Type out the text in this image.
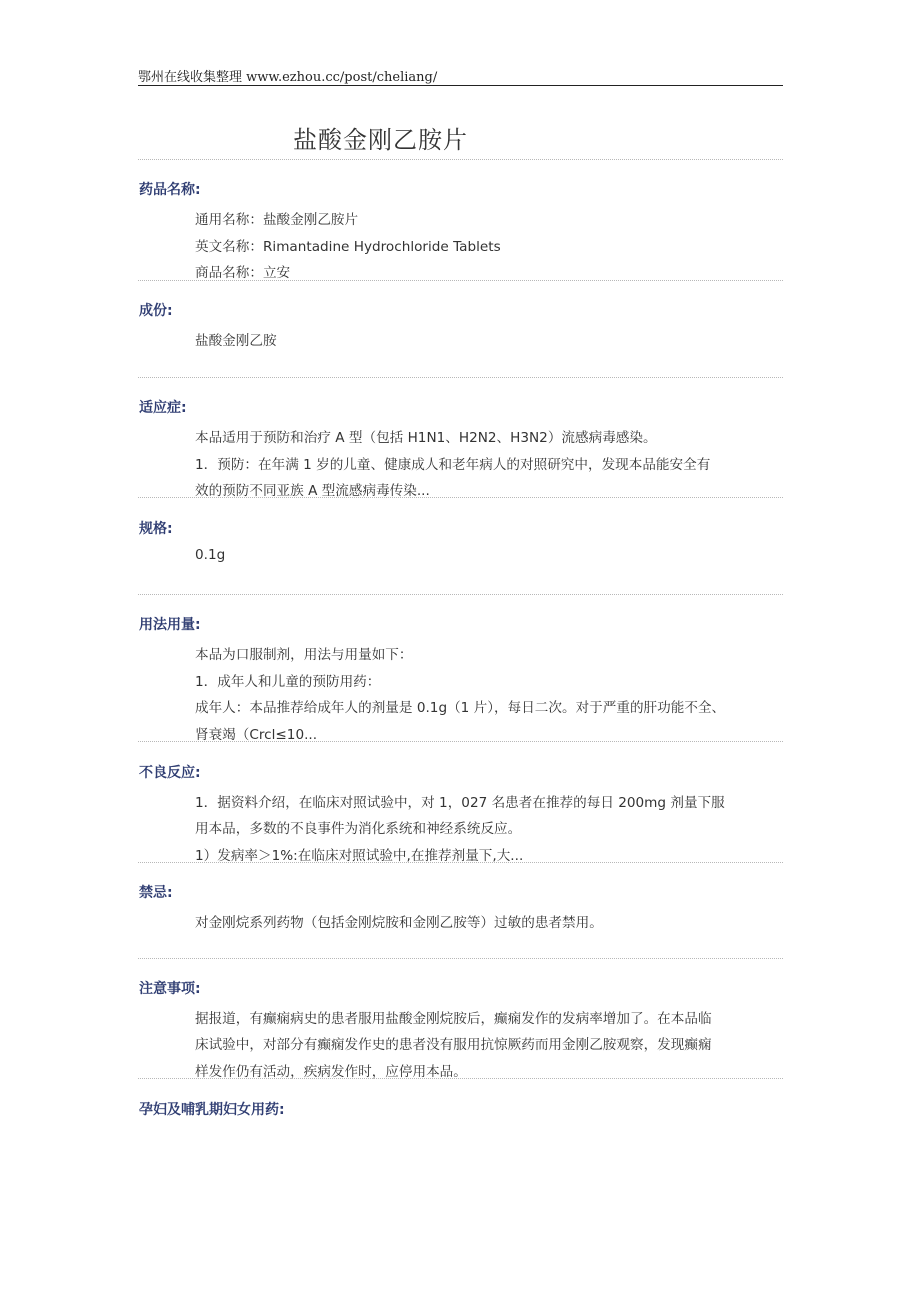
鄂州在线收集整理 www.ezhou.cc/post/cheliang/
盐酸金刚乙胺片
药品名称:
通用名称：盐酸金刚乙胺片
英文名称：Rimantadine Hydrochloride Tablets
商品名称：立安
成份:
盐酸金刚乙胺
适应症:
本品适用于预防和治疗 A 型（包括 H1N1、H2N2、H3N2）流感病毒感染。
1．预防：在年满 1 岁的儿童、健康成人和老年病人的对照研究中，发现本品能安全有
效的预防不同亚族 A 型流感病毒传染...
规格:
0.1g
用法用量:
本品为口服制剂，用法与用量如下：
1．成年人和儿童的预防用药：
成年人：本品推荐给成年人的剂量是 0.1g（1 片），每日二次。对于严重的肝功能不全、
肾衰竭（Crcl≤10...
不良反应:
1．据资料介绍，在临床对照试验中，对 1，027 名患者在推荐的每日 200mg 剂量下服
用本品，多数的不良事件为消化系统和神经系统反应。
1）发病率＞1%:在临床对照试验中,在推荐剂量下,大...
禁忌:
对金刚烷系列药物（包括金刚烷胺和金刚乙胺等）过敏的患者禁用。
注意事项:
据报道，有癫痫病史的患者服用盐酸金刚烷胺后，癫痫发作的发病率增加了。在本品临
床试验中，对部分有癫痫发作史的患者没有服用抗惊厥药而用金刚乙胺观察，发现癫痫
样发作仍有活动，疾病发作时，应停用本品。
孕妇及哺乳期妇女用药:
